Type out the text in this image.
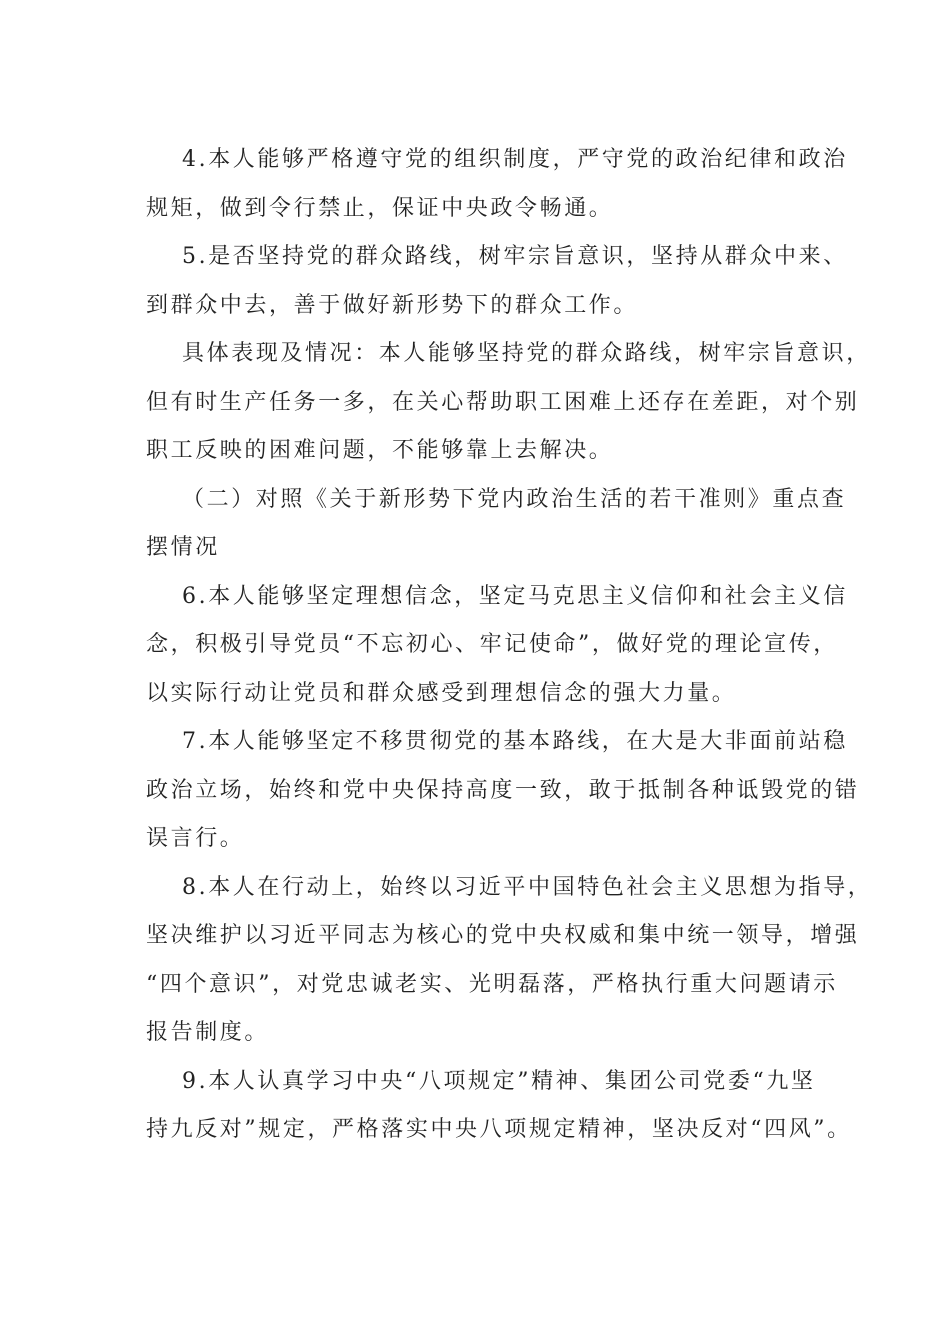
4.本人能够严格遵守党的组织制度，严守党的政治纪律和政治
规矩，做到令行禁止，保证中央政令畅通。

5.是否坚持党的群众路线，树牢宗旨意识，坚持从群众中来、
到群众中去，善于做好新形势下的群众工作。

具体表现及情况：本人能够坚持党的群众路线，树牢宗旨意识，
但有时生产任务一多，在关心帮助职工困难上还存在差距，对个别
职工反映的困难问题，不能够靠上去解决。

（二）对照《关于新形势下党内政治生活的若干准则》重点查
摆情况

6.本人能够坚定理想信念，坚定马克思主义信仰和社会主义信
念，积极引导党员“不忘初心、牢记使命”，做好党的理论宣传，
以实际行动让党员和群众感受到理想信念的强大力量。

7.本人能够坚定不移贯彻党的基本路线，在大是大非面前站稳
政治立场，始终和党中央保持高度一致，敢于抵制各种诋毁党的错
误言行。

8.本人在行动上，始终以习近平中国特色社会主义思想为指导，
坚决维护以习近平同志为核心的党中央权威和集中统一领导，增强
“四个意识”，对党忠诚老实、光明磊落，严格执行重大问题请示
报告制度。

9.本人认真学习中央“八项规定”精神、集团公司党委“九坚
持九反对”规定，严格落实中央八项规定精神，坚决反对“四风”。
